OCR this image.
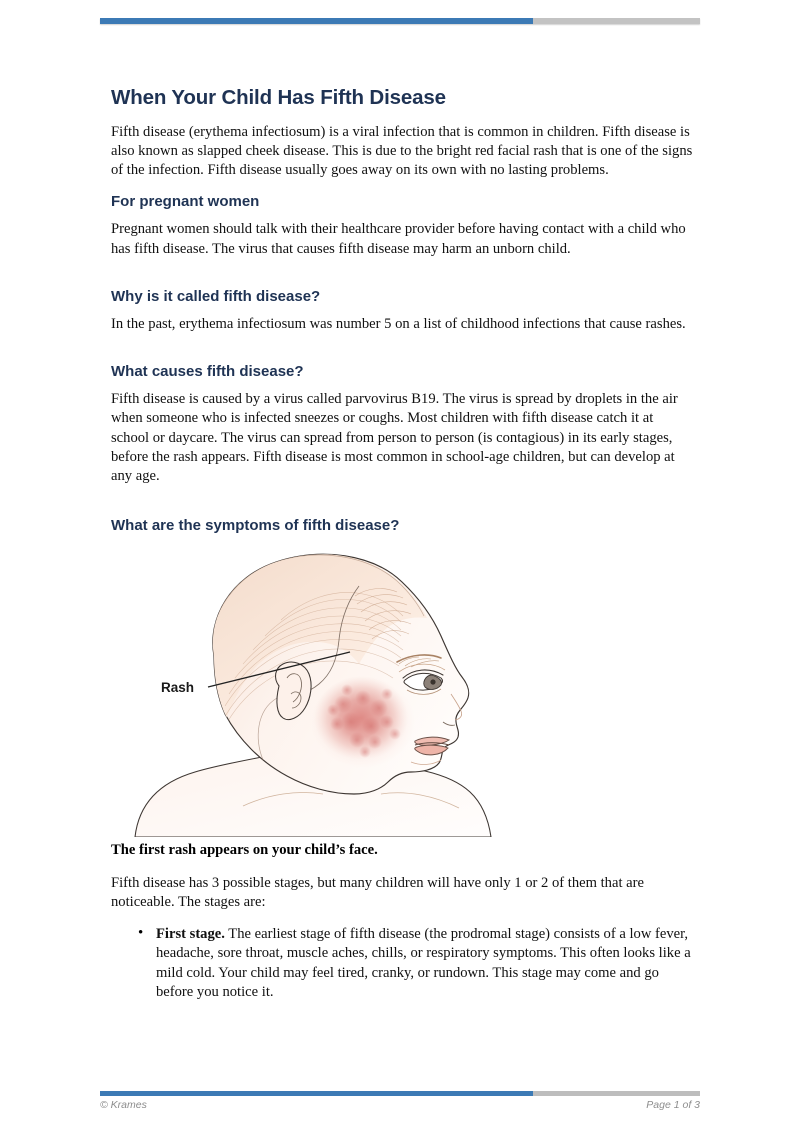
When Your Child Has Fifth Disease

Fifth disease (erythema infectiosum) is a viral infection that is common in children. Fifth disease is also known as slapped cheek disease. This is due to the bright red facial rash that is one of the signs of the infection. Fifth disease usually goes away on its own with no lasting problems.

For pregnant women

Pregnant women should talk with their healthcare provider before having contact with a child who has fifth disease. The virus that causes fifth disease may harm an unborn child.

Why is it called fifth disease?

In the past, erythema infectiosum was number 5 on a list of childhood infections that cause rashes.

What causes fifth disease?

Fifth disease is caused by a virus called parvovirus B19. The virus is spread by droplets in the air when someone who is infected sneezes or coughs. Most children with fifth disease catch it at school or daycare. The virus can spread from person to person (is contagious) in its early stages, before the rash appears. Fifth disease is most common in school-age children, but can develop at any age.

What are the symptoms of fifth disease?
Rash

The first rash appears on your child’s face.

Fifth disease has 3 possible stages, but many children will have only 1 or 2 of them that are noticeable. The stages are:

• First stage. The earliest stage of fifth disease (the prodromal stage) consists of a low fever, headache, sore throat, muscle aches, chills, or respiratory symptoms. This often looks like a mild cold. Your child may feel tired, cranky, or rundown. This stage may come and go before you notice it.
© Krames	Page 1 of 3
